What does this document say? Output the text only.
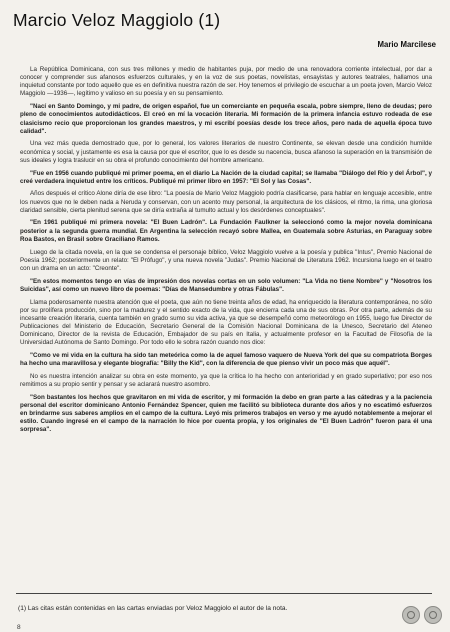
Marcio Veloz Maggiolo (1)
Mario Marcilese

La República Dominicana, con sus tres millones y medio de habitantes puja, por medio de una renovadora corriente intelectual, por dar a conocer y comprender sus afanosos esfuerzos culturales, y en la voz de sus poetas, novelistas, ensayistas y autores teatrales, hallamos una inquietud constante por todo aquello que es en definitiva nuestra razón de ser. Hoy tenemos el privilegio de escuchar a un poeta joven, Marcio Veloz Maggiolo —1936—, legítimo y valioso en su poesía y en su pensamiento.

"Nací en Santo Domingo, y mi padre, de origen español, fue un comerciante en pequeña escala, pobre siempre, lleno de deudas; pero pleno de conocimientos autodidácticos. El creó en mí la vocación literaria. Mi formación de la primera infancia estuvo rodeada de ese clasicismo recio que proporcionan los grandes maestros, y mi escribí poesías desde los trece años, pero nada de aquella época tuvo calidad".

Una vez más queda demostrado que, por lo general, los valores literarios de nuestro Continente, se elevan desde una condición humilde económica y social, y justamente es esa la causa por que el escritor, que lo es desde su nacencia, busca afanoso la superación en la transmisión de sus ideales y logra traslucir en su obra el profundo conocimiento del hombre americano.

"Fue en 1956 cuando publiqué mi primer poema, en el diario La Nación de la ciudad capital; se llamaba "Diálogo del Río y del Árbol", y creé verdadera inquietud entre los críticos. Publiqué mi primer libro en 1957: "El Sol y las Cosas".

Años después el crítico Alone diría de ese libro: "La poesía de Mario Veloz Maggiolo podría clasificarse, para hablar en lenguaje accesible, entre los nuevos que no le deben nada a Neruda y conservan, con un acento muy personal, la arquitectura de los clásicos, el ritmo, la rima, una gloriosa claridad sensible, cierta plenitud serena que se diría extraña al tumulto actual y los desórdenes conceptuales".

"En 1961 publiqué mi primera novela: "El Buen Ladrón". La Fundación Faulkner la seleccionó como la mejor novela dominicana posterior a la segunda guerra mundial. En Argentina la selección recayó sobre Mallea, en Guatemala sobre Asturias, en Paraguay sobre Roa Bastos, en Brasil sobre Graciliano Ramos.

Luego de la citada novela, en la que se condensa el personaje bíblico, Veloz Maggiolo vuelve a la poesía y publica "Intus", Premio Nacional de Poesía 1962; posteriormente un relato: "El Prófugo", y una nueva novela "Judas". Premio Nacional de Literatura 1962. Incursiona luego en el teatro con un drama en un acto: "Creonte".

"En estos momentos tengo en vías de impresión dos novelas cortas en un solo volumen: "La Vida no tiene Nombre" y "Nosotros los Suicidas", así como un nuevo libro de poemas: "Días de Mansedumbre y otras Fábulas".

Llama poderosamente nuestra atención que el poeta, que aún no tiene treinta años de edad, ha enriquecido la literatura contemporánea, no sólo por su prolífera producción, sino por la madurez y el sentido exacto de la vida, que encierra cada una de sus obras. Por otra parte, además de su incesante creación literaria, cuenta también en grado sumo su vida activa, ya que se desempeñó como meteorólogo en 1955, luego fue Director de Publicaciones del Ministerio de Educación, Secretario General de la Comisión Nacional Dominicana de la Unesco, Secretario del Ateneo Dominicano, Director de la revista de Educación, Embajador de su país en Italia, y actualmente profesor en la Facultad de Filosofía de la Universidad Autónoma de Santo Domingo. Por todo ello le sobra razón cuando nos dice:

"Como ve mi vida en la cultura ha sido tan meteórica como la de aquel famoso vaquero de Nueva York del que su compatriota Borges ha hecho una maravillosa y elegante biografía: "Billy the Kid", con la diferencia de que pienso vivir un poco más que aquél".

No es nuestra intención analizar su obra en este momento, ya que la crítica lo ha hecho con anterioridad y en grado superlativo; por eso nos remitimos a su propio sentir y pensar y se aclarará nuestro asombro.

"Son bastantes los hechos que gravitaron en mi vida de escritor, y mi formación la debo en gran parte a las cátedras y a la paciencia personal del escritor dominicano Antonio Fernández Spencer, quien me facilitó su biblioteca durante dos años y no escatimó esfuerzos en brindarme sus saberes amplios en el campo de la cultura. Leyó mis primeros trabajos en verso y me ayudó notablemente a mejorar el estilo. Cuando ingresé en el campo de la narración lo hice por cuenta propia, y los originales de "El Buen Ladrón" fueron para él una sorpresa".

(1) Las citas están contenidas en las cartas enviadas por Veloz Maggiolo el autor de la nota.
8
